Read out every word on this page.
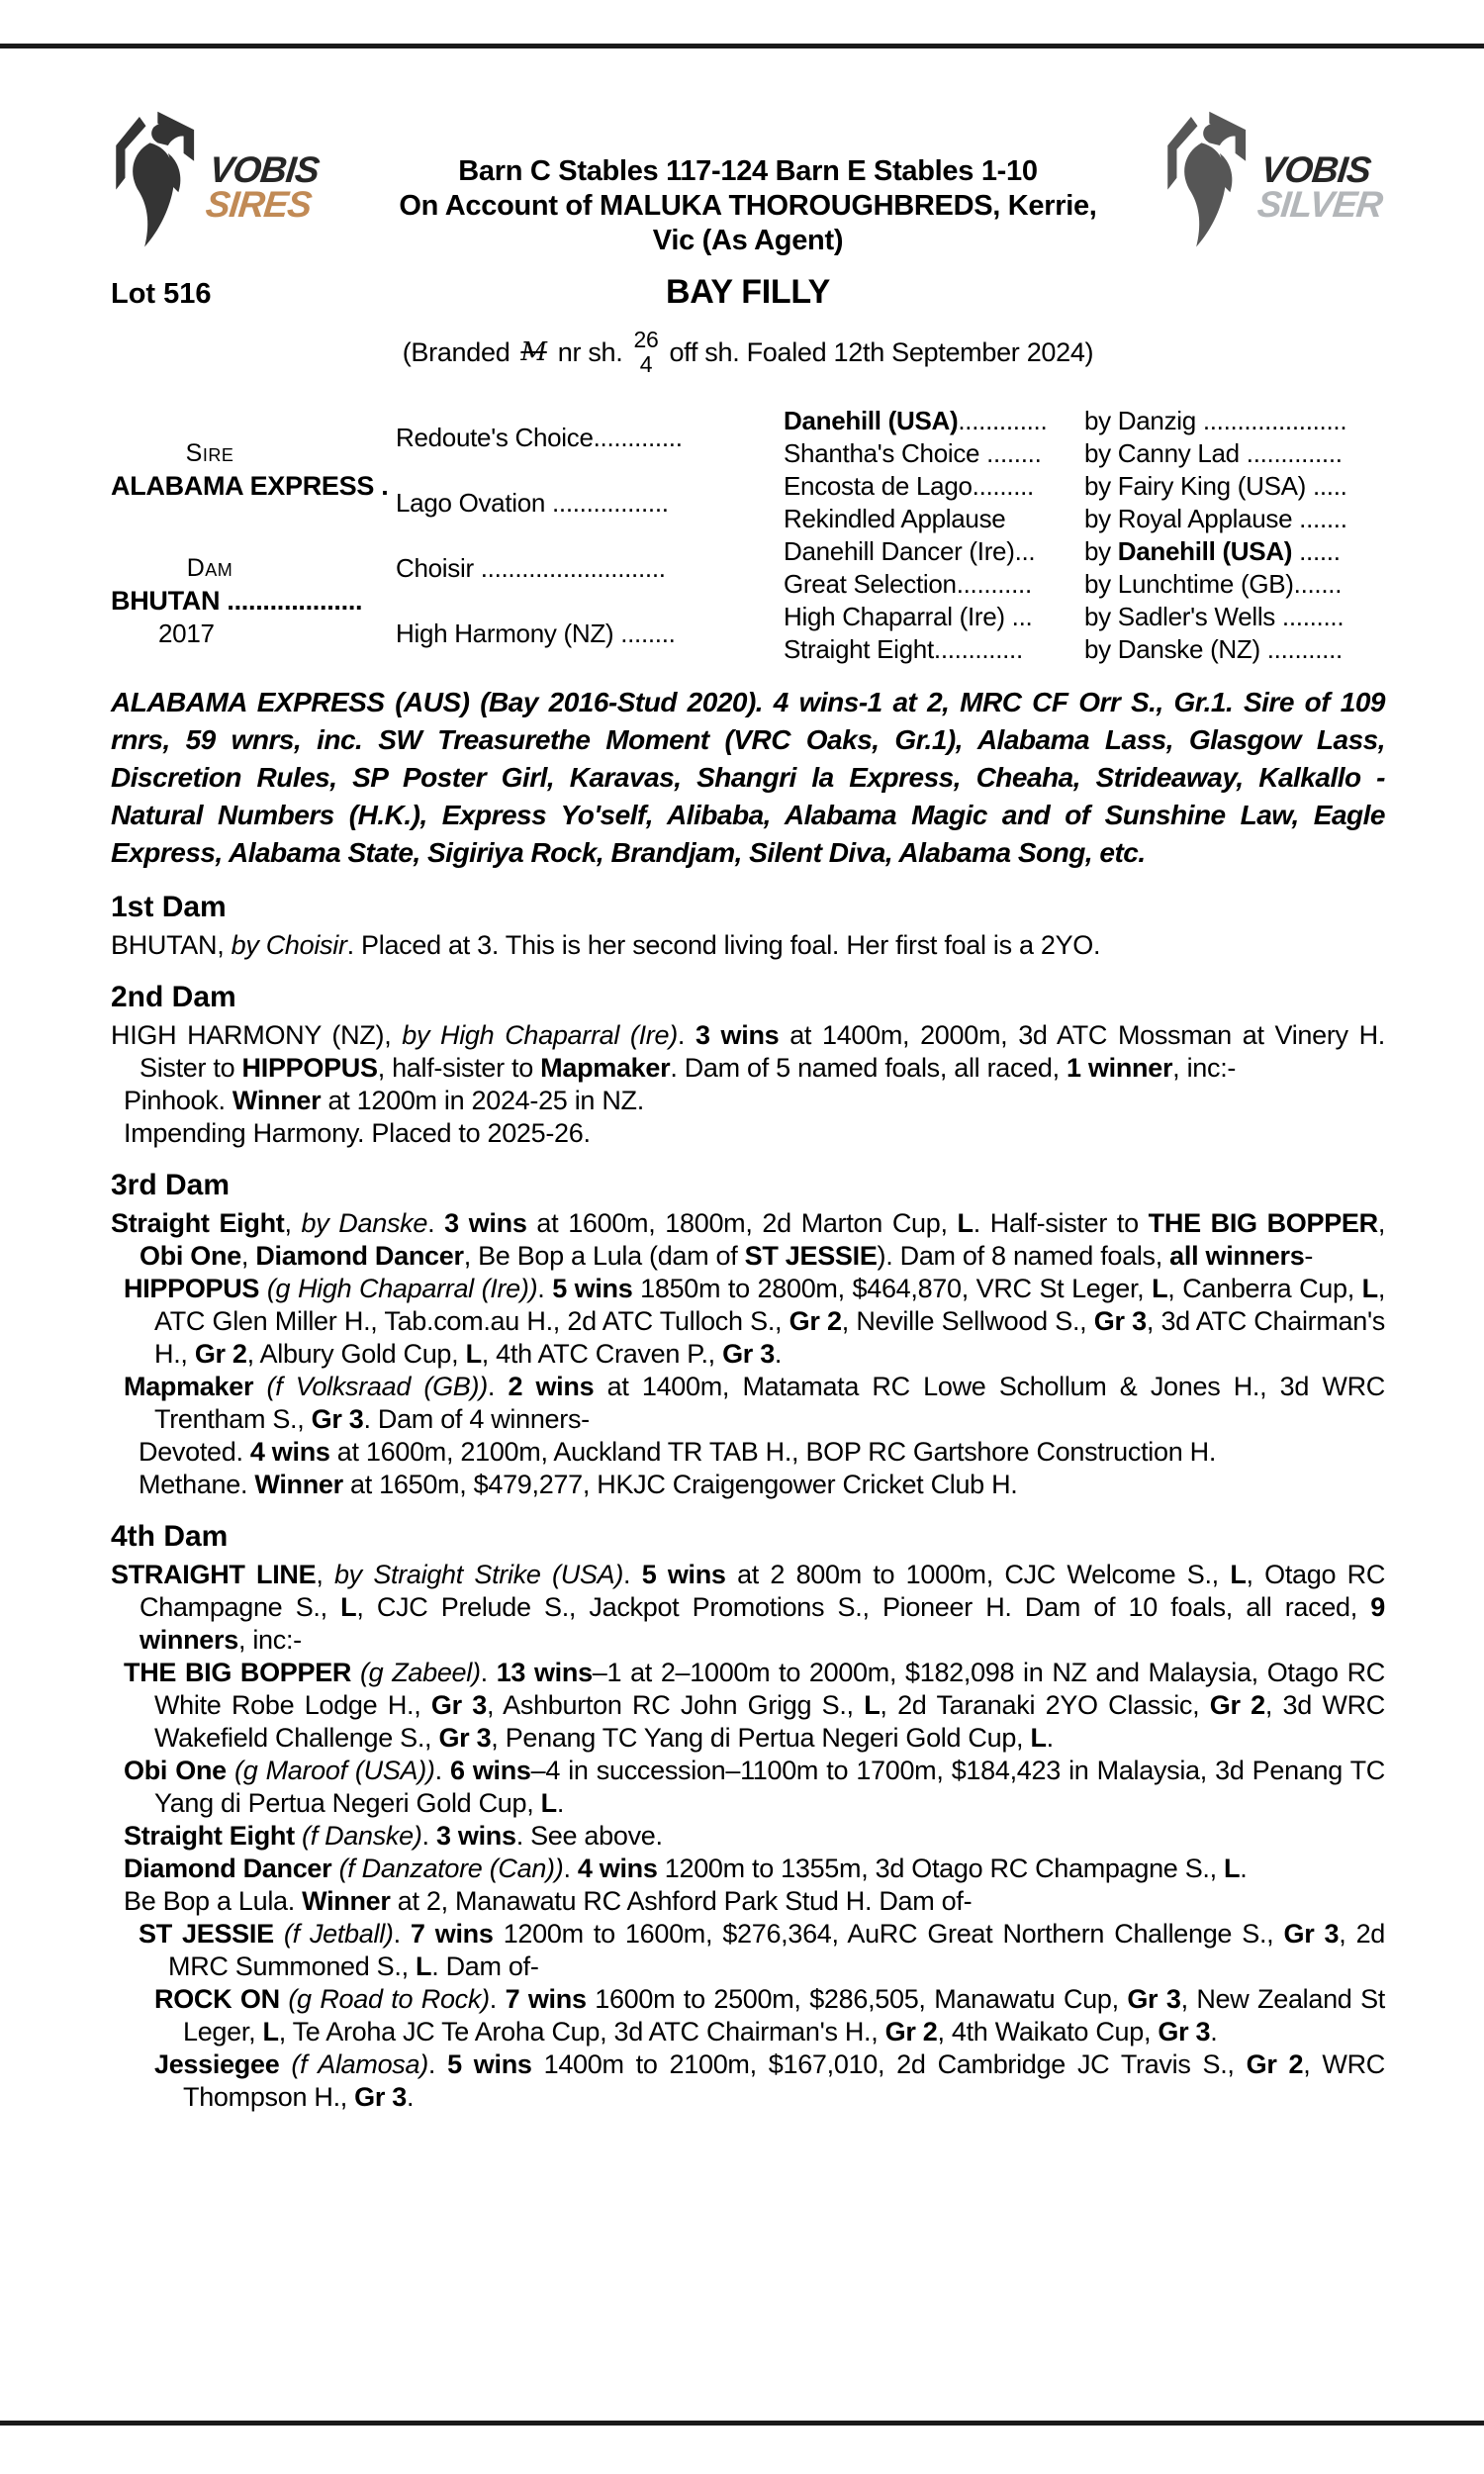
VOBIS
SIRES
Barn C Stables 117-124 Barn E Stables 1-10
On Account of MALUKA THOROUGHBREDS, Kerrie,
Vic (As Agent)
VOBIS
SILVER
Lot 516	BAY FILLY
(Branded M nr sh. 26
4 off sh. Foaled 12th September 2024)
Sire
ALABAMA EXPRESS .
Dam
BHUTAN ...................
2017
Redoute's Choice.............
Lago Ovation .................
Choisir ...........................
High Harmony (NZ) ........
Danehill (USA).............
Shantha's Choice ........
Encosta de Lago.........
Rekindled Applause
Danehill Dancer (Ire)...
Great Selection...........
High Chaparral (Ire) ...
Straight Eight.............
by Danzig .....................
by Canny Lad ..............
by Fairy King (USA) .....
by Royal Applause .......
by Danehill (USA) ......
by Lunchtime (GB).......
by Sadler's Wells .........
by Danske (NZ) ...........
ALABAMA EXPRESS (AUS) (Bay 2016-Stud 2020). 4 wins-1 at 2, MRC CF Orr S., Gr.1. Sire of 109 rnrs, 59 wnrs, inc. SW Treasurethe Moment (VRC Oaks, Gr.1), Alabama Lass, Glasgow Lass, Discretion Rules, SP Poster Girl, Karavas, Shangri la Express, Cheaha, Strideaway, Kalkallo - Natural Numbers (H.K.), Express Yo'self, Alibaba, Alabama Magic and of Sunshine Law, Eagle Express, Alabama State, Sigiriya Rock, Brandjam, Silent Diva, Alabama Song, etc.
1st Dam
BHUTAN, by Choisir. Placed at 3. This is her second living foal. Her first foal is a 2YO.
2nd Dam
HIGH HARMONY (NZ), by High Chaparral (Ire). 3 wins at 1400m, 2000m, 3d ATC Mossman at Vinery H. Sister to HIPPOPUS, half-sister to Mapmaker. Dam of 5 named foals, all raced, 1 winner, inc:-
Pinhook. Winner at 1200m in 2024-25 in NZ.
Impending Harmony. Placed to 2025-26.
3rd Dam
Straight Eight, by Danske. 3 wins at 1600m, 1800m, 2d Marton Cup, L. Half-sister to THE BIG BOPPER, Obi One, Diamond Dancer, Be Bop a Lula (dam of ST JESSIE). Dam of 8 named foals, all winners-
HIPPOPUS (g High Chaparral (Ire)). 5 wins 1850m to 2800m, $464,870, VRC St Leger, L, Canberra Cup, L, ATC Glen Miller H., Tab.com.au H., 2d ATC Tulloch S., Gr 2, Neville Sellwood S., Gr 3, 3d ATC Chairman's H., Gr 2, Albury Gold Cup, L, 4th ATC Craven P., Gr 3.
Mapmaker (f Volksraad (GB)). 2 wins at 1400m, Matamata RC Lowe Schollum & Jones H., 3d WRC Trentham S., Gr 3. Dam of 4 winners-
Devoted. 4 wins at 1600m, 2100m, Auckland TR TAB H., BOP RC Gartshore Construction H.
Methane. Winner at 1650m, $479,277, HKJC Craigengower Cricket Club H.
4th Dam
STRAIGHT LINE, by Straight Strike (USA). 5 wins at 2 800m to 1000m, CJC Welcome S., L, Otago RC Champagne S., L, CJC Prelude S., Jackpot Promotions S., Pioneer H. Dam of 10 foals, all raced, 9 winners, inc:-
THE BIG BOPPER (g Zabeel). 13 wins–1 at 2–1000m to 2000m, $182,098 in NZ and Malaysia, Otago RC White Robe Lodge H., Gr 3, Ashburton RC John Grigg S., L, 2d Taranaki 2YO Classic, Gr 2, 3d WRC Wakefield Challenge S., Gr 3, Penang TC Yang di Pertua Negeri Gold Cup, L.
Obi One (g Maroof (USA)). 6 wins–4 in succession–1100m to 1700m, $184,423 in Malaysia, 3d Penang TC Yang di Pertua Negeri Gold Cup, L.
Straight Eight (f Danske). 3 wins. See above.
Diamond Dancer (f Danzatore (Can)). 4 wins 1200m to 1355m, 3d Otago RC Champagne S., L.
Be Bop a Lula. Winner at 2, Manawatu RC Ashford Park Stud H. Dam of-
ST JESSIE (f Jetball). 7 wins 1200m to 1600m, $276,364, AuRC Great Northern Challenge S., Gr 3, 2d MRC Summoned S., L. Dam of-
ROCK ON (g Road to Rock). 7 wins 1600m to 2500m, $286,505, Manawatu Cup, Gr 3, New Zealand St Leger, L, Te Aroha JC Te Aroha Cup, 3d ATC Chairman's H., Gr 2, 4th Waikato Cup, Gr 3.
Jessiegee (f Alamosa). 5 wins 1400m to 2100m, $167,010, 2d Cambridge JC Travis S., Gr 2, WRC Thompson H., Gr 3.
